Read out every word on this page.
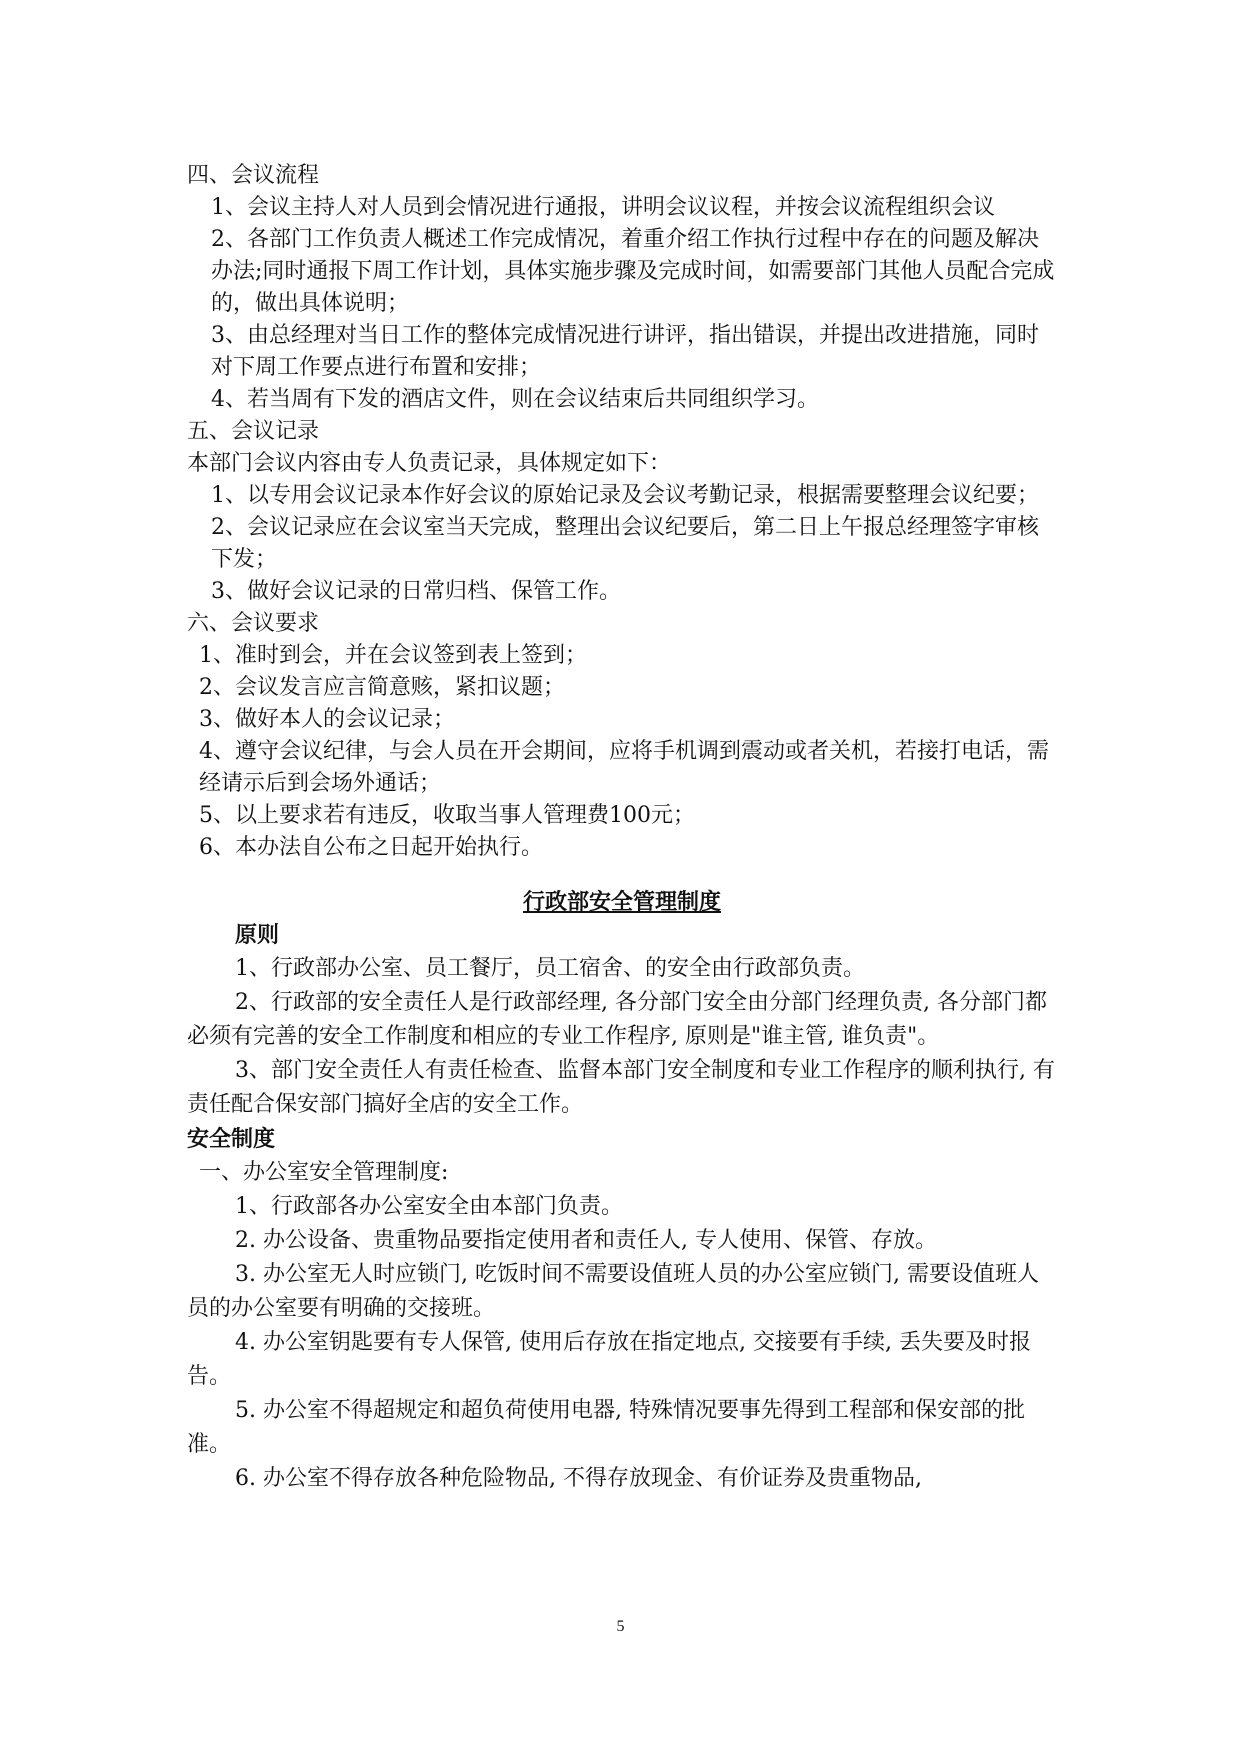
四、会议流程

1、会议主持人对人员到会情况进行通报，讲明会议议程，并按会议流程组织会议

2、各部门工作负责人概述工作完成情况，着重介绍工作执行过程中存在的问题及解决办法;同时通报下周工作计划，具体实施步骤及完成时间，如需要部门其他人员配合完成的，做出具体说明；

3、由总经理对当日工作的整体完成情况进行讲评，指出错误，并提出改进措施，同时对下周工作要点进行布置和安排；

4、若当周有下发的酒店文件，则在会议结束后共同组织学习。

五、会议记录

本部门会议内容由专人负责记录，具体规定如下：

1、以专用会议记录本作好会议的原始记录及会议考勤记录，根据需要整理会议纪要；

2、会议记录应在会议室当天完成，整理出会议纪要后，第二日上午报总经理签字审核下发；

3、做好会议记录的日常归档、保管工作。

六、会议要求

1、准时到会，并在会议签到表上签到；

2、会议发言应言简意赅，紧扣议题；

3、做好本人的会议记录；

4、遵守会议纪律，与会人员在开会期间，应将手机调到震动或者关机，若接打电话，需经请示后到会场外通话；

5、以上要求若有违反，收取当事人管理费100元；

6、本办法自公布之日起开始执行。

行政部安全管理制度

原则

1、行政部办公室、员工餐厅，员工宿舍、的安全由行政部负责。

2、行政部的安全责任人是行政部经理, 各分部门安全由分部门经理负责, 各分部门都必须有完善的安全工作制度和相应的专业工作程序, 原则是"谁主管, 谁负责"。

3、部门安全责任人有责任检查、监督本部门安全制度和专业工作程序的顺利执行, 有责任配合保安部门搞好全店的安全工作。

安全制度

一、办公室安全管理制度:

1、行政部各办公室安全由本部门负责。

2. 办公设备、贵重物品要指定使用者和责任人, 专人使用、保管、存放。

3. 办公室无人时应锁门, 吃饭时间不需要设值班人员的办公室应锁门, 需要设值班人员的办公室要有明确的交接班。

4. 办公室钥匙要有专人保管, 使用后存放在指定地点, 交接要有手续, 丢失要及时报告。

5. 办公室不得超规定和超负荷使用电器, 特殊情况要事先得到工程部和保安部的批准。

6. 办公室不得存放各种危险物品, 不得存放现金、有价证券及贵重物品,

5
